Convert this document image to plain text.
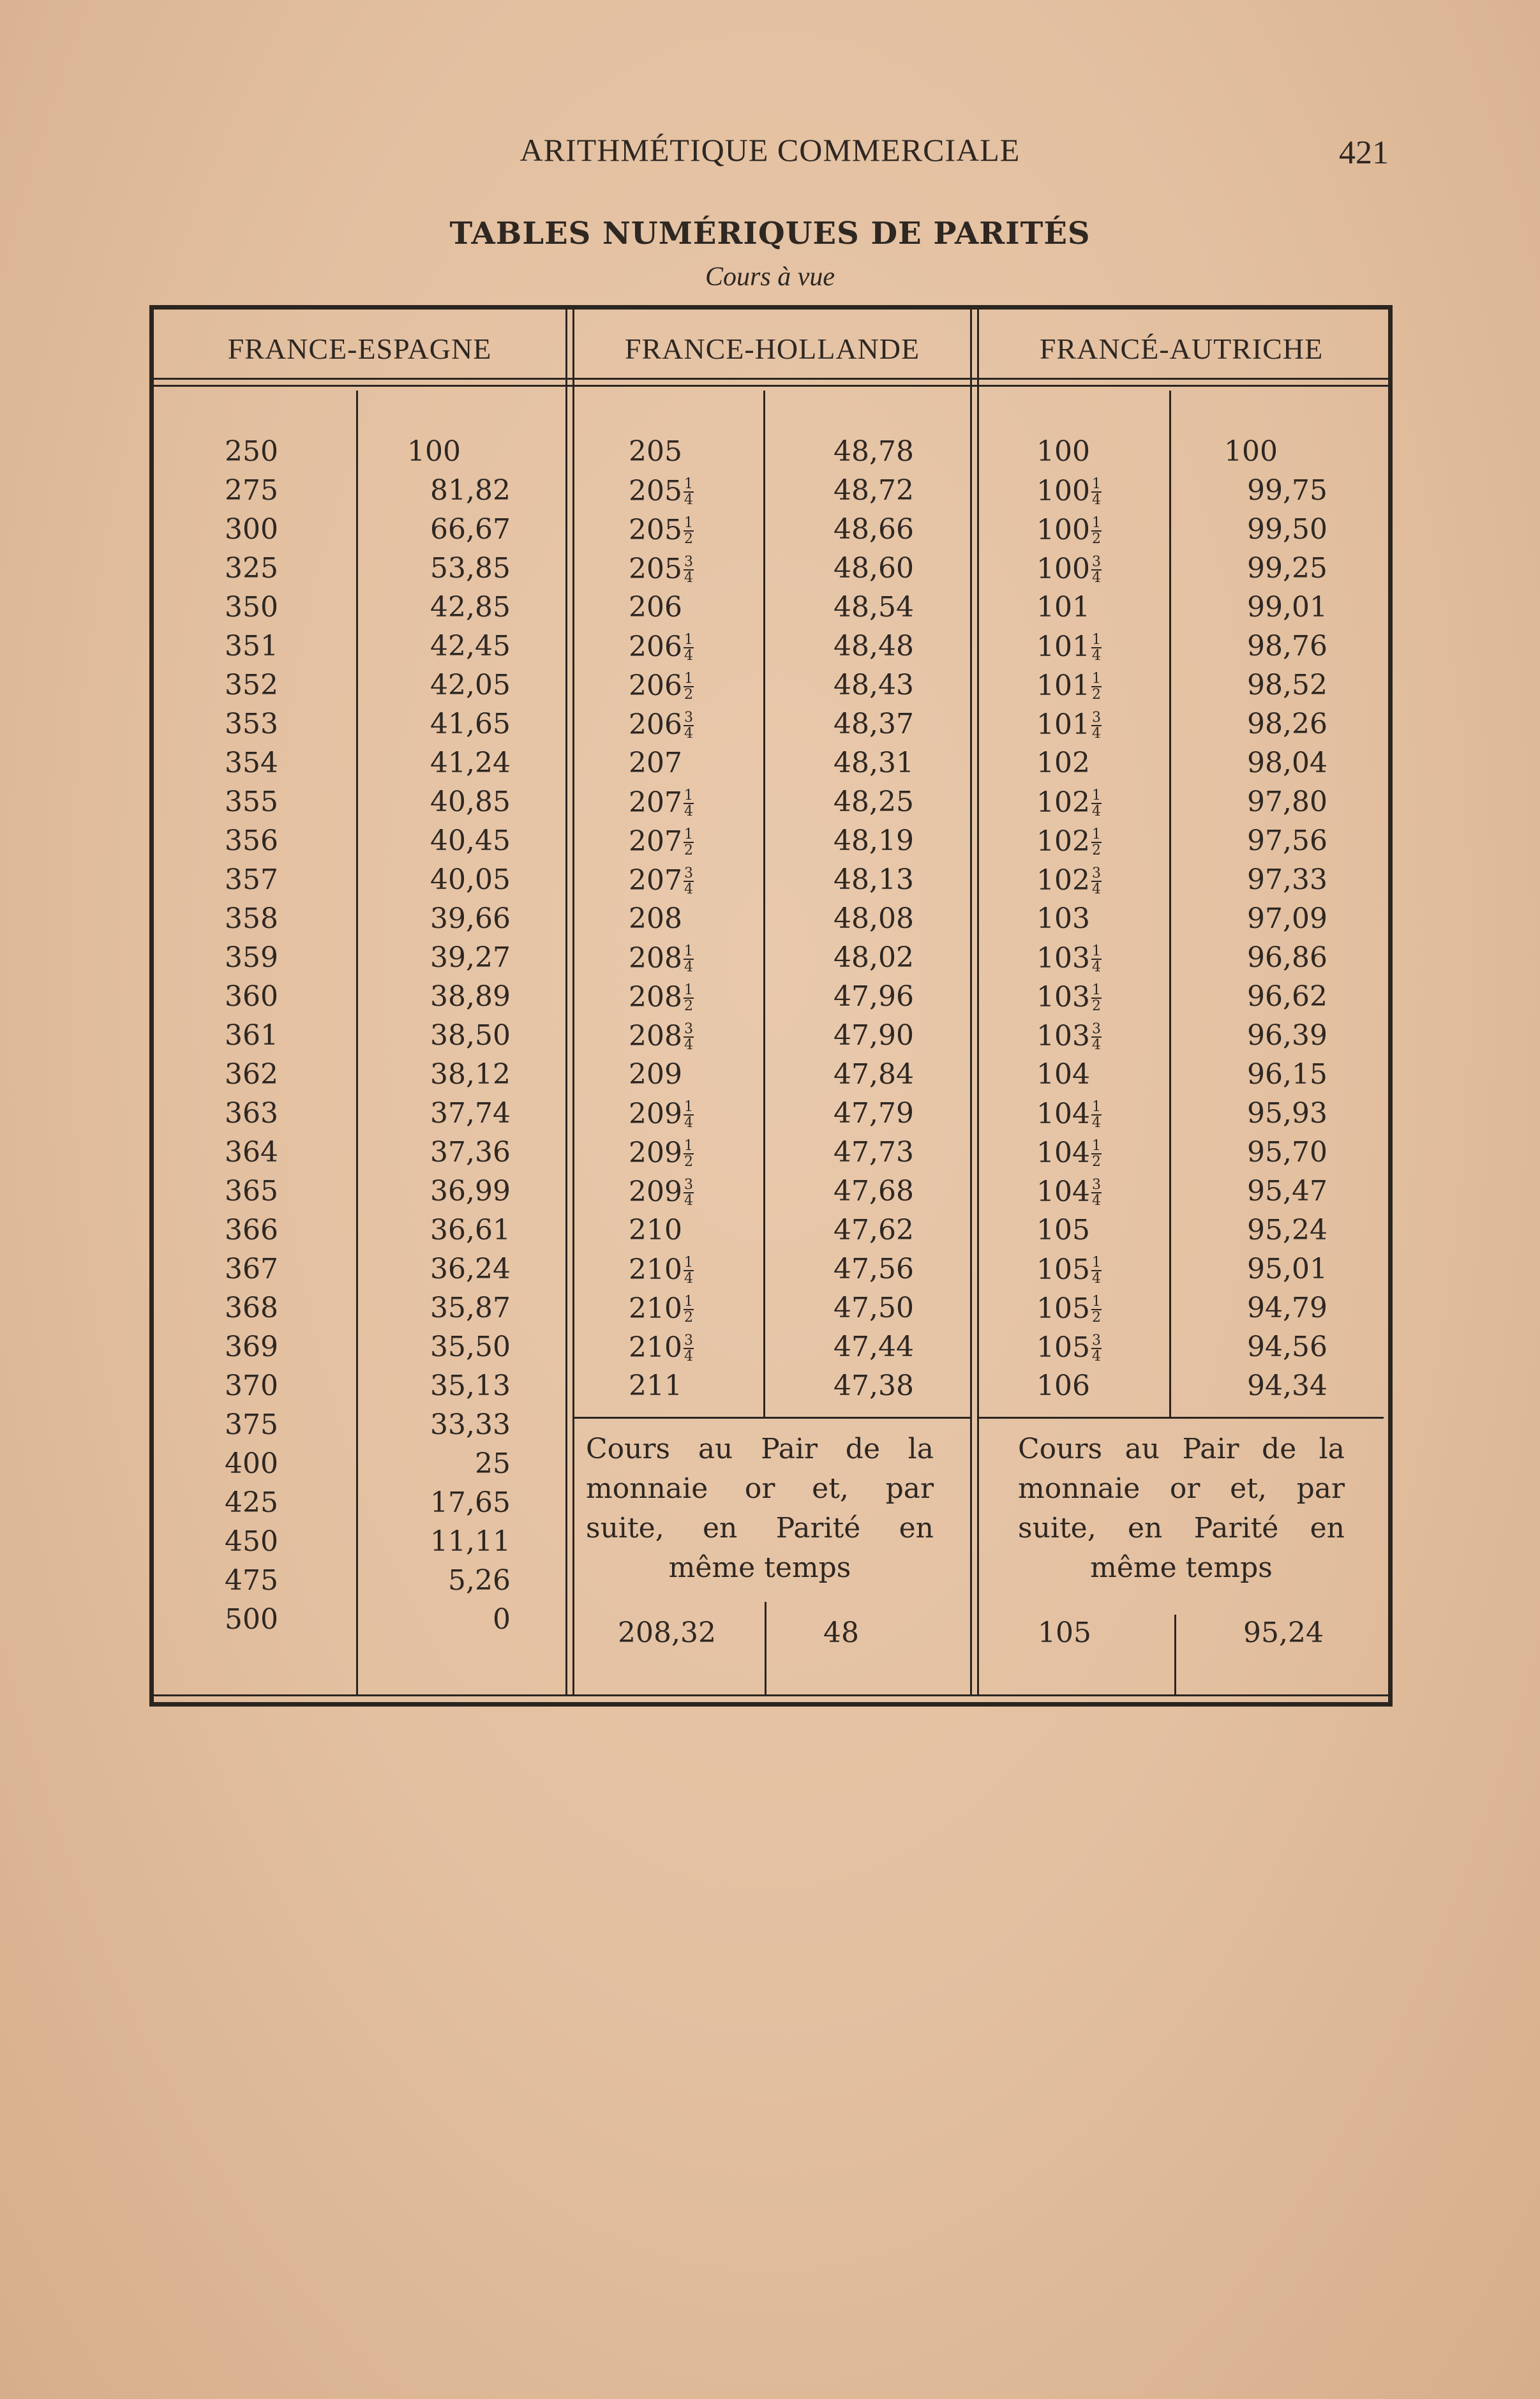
ARITHMÉTIQUE COMMERCIALE	421
TABLES NUMÉRIQUES DE PARITÉS
Cours à vue
FRANCE-ESPAGNE	FRANCE-HOLLANDE	FRANCÉ-AUTRICHE
250	100
275	81,82
300	66,67
325	53,85
350	42,85
351	42,45
352	42,05
353	41,65
354	41,24
355	40,85
356	40,45
357	40,05
358	39,66
359	39,27
360	38,89
361	38,50
362	38,12
363	37,74
364	37,36
365	36,99
366	36,61
367	36,24
368	35,87
369	35,50
370	35,13
375	33,33
400	25
425	17,65
450	11,11
475	5,26
500	0
205	48,78
$205 \frac{1}{4}$	48,72
$205 \frac{1}{2}$	48,66
$205 \frac{3}{4}$	48,60
206	48,54
$206 \frac{1}{4}$	48,48
$206 \frac{1}{2}$	48,43
$206 \frac{3}{4}$	48,37
207	48,31
$207 \frac{1}{4}$	48,25
$207 \frac{1}{2}$	48,19
$207 \frac{3}{4}$	48,13
208	48,08
$208 \frac{1}{4}$	48,02
$208 \frac{1}{2}$	47,96
$208 \frac{3}{4}$	47,90
209	47,84
$209 \frac{1}{4}$	47,79
$209 \frac{1}{2}$	47,73
$209 \frac{3}{4}$	47,68
210	47,62
$210 \frac{1}{4}$	47,56
$210 \frac{1}{2}$	47,50
$210 \frac{3}{4}$	47,44
211	47,38
100	100
$100 \frac{1}{4}$	99,75
$100 \frac{1}{2}$	99,50
$100 \frac{3}{4}$	99,25
101	99,01
$101 \frac{1}{4}$	98,76
$101 \frac{1}{2}$	98,52
$101 \frac{3}{4}$	98,26
102	98,04
$102 \frac{1}{4}$	97,80
$102 \frac{1}{2}$	97,56
$102 \frac{3}{4}$	97,33
103	97,09
$103 \frac{1}{4}$	96,86
$103 \frac{1}{2}$	96,62
$103 \frac{3}{4}$	96,39
104	96,15
$104 \frac{1}{4}$	95,93
$104 \frac{1}{2}$	95,70
$104 \frac{3}{4}$	95,47
105	95,24
$105 \frac{1}{4}$	95,01
$105 \frac{1}{2}$	94,79
$105 \frac{3}{4}$	94,56
106	94,34
Cours au Pair de la
monnaie or et, par
suite, en Parité en
même temps
208,32	48
Cours au Pair de la
monnaie or et, par
suite, en Parité en
même temps
105	95,24
